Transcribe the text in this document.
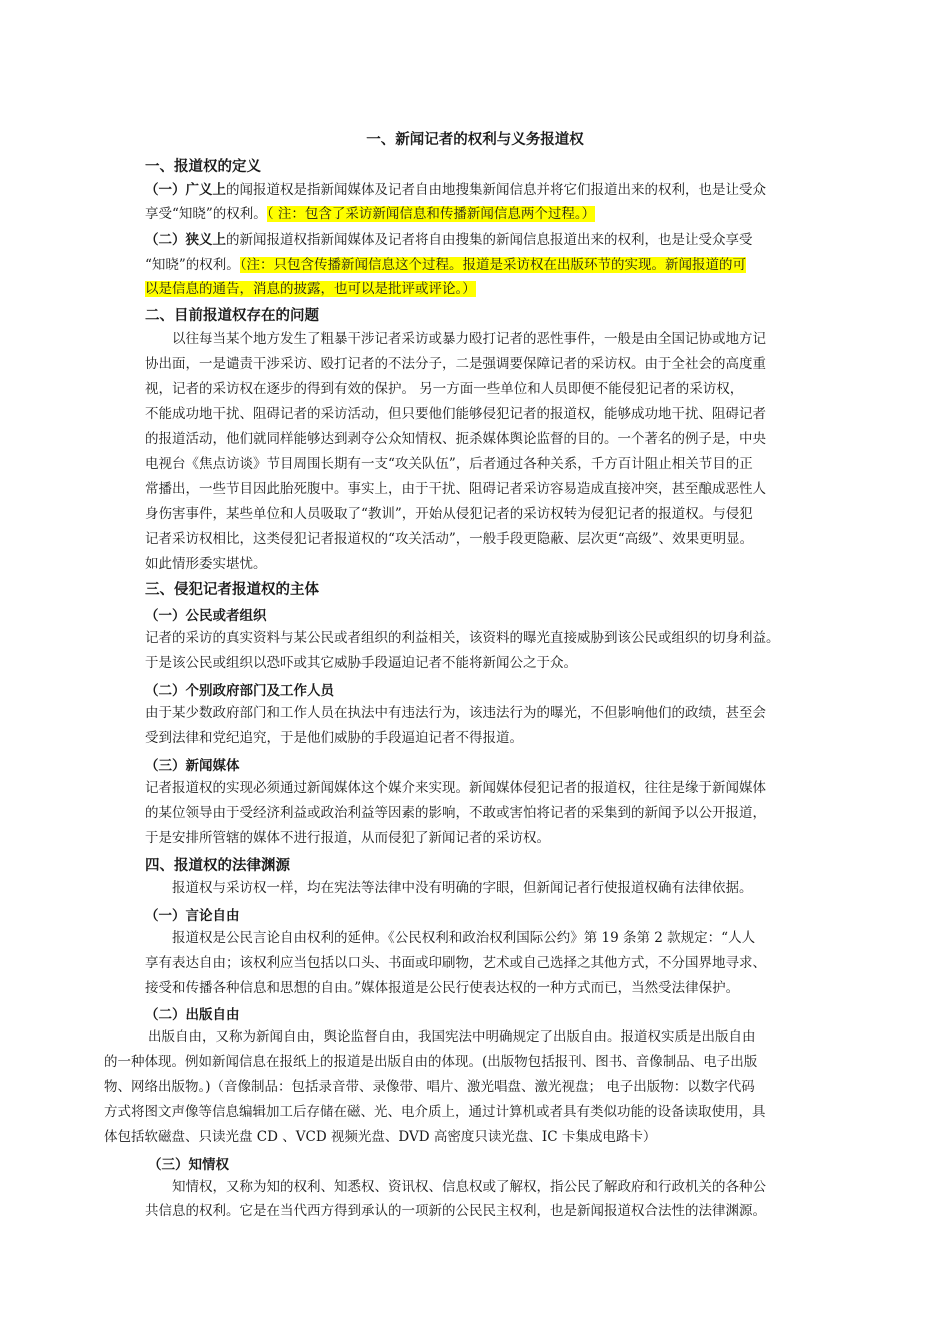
一、新闻记者的权利与义务报道权
一、报道权的定义
（一）广义上的闻报道权是指新闻媒体及记者自由地搜集新闻信息并将它们报道出来的权利，也是让受众
享受“知晓”的权利。（ 注：包含了采访新闻信息和传播新闻信息两个过程。）
（二）狭义上的新闻报道权指新闻媒体及记者将自由搜集的新闻信息报道出来的权利，也是让受众享受
“知晓”的权利。（注：只包含传播新闻信息这个过程。报道是采访权在出版环节的实现。新闻报道的可
以是信息的通告，消息的披露，也可以是批评或评论。）
二、目前报道权存在的问题
以往每当某个地方发生了粗暴干涉记者采访或暴力殴打记者的恶性事件，一般是由全国记协或地方记
协出面，一是谴责干涉采访、殴打记者的不法分子，二是强调要保障记者的采访权。由于全社会的高度重
视，记者的采访权在逐步的得到有效的保护。 另一方面一些单位和人员即便不能侵犯记者的采访权，
不能成功地干扰、阻碍记者的采访活动，但只要他们能够侵犯记者的报道权，能够成功地干扰、阻碍记者
的报道活动，他们就同样能够达到剥夺公众知情权、扼杀媒体舆论监督的目的。一个著名的例子是，中央
电视台《焦点访谈》节目周围长期有一支“攻关队伍”，后者通过各种关系，千方百计阻止相关节目的正
常播出，一些节目因此胎死腹中。事实上，由于干扰、阻碍记者采访容易造成直接冲突，甚至酿成恶性人
身伤害事件，某些单位和人员吸取了“教训”，开始从侵犯记者的采访权转为侵犯记者的报道权。与侵犯
记者采访权相比，这类侵犯记者报道权的“攻关活动”，一般手段更隐蔽、层次更“高级”、效果更明显。
如此情形委实堪忧。
三、侵犯记者报道权的主体
（一）公民或者组织
记者的采访的真实资料与某公民或者组织的利益相关，该资料的曝光直接威胁到该公民或组织的切身利益。
于是该公民或组织以恐吓或其它威胁手段逼迫记者不能将新闻公之于众。
（二）个别政府部门及工作人员
由于某少数政府部门和工作人员在执法中有违法行为，该违法行为的曝光，不但影响他们的政绩，甚至会
受到法律和党纪追究，于是他们威胁的手段逼迫记者不得报道。
（三）新闻媒体
记者报道权的实现必须通过新闻媒体这个媒介来实现。新闻媒体侵犯记者的报道权，往往是缘于新闻媒体
的某位领导由于受经济利益或政治利益等因素的影响，不敢或害怕将记者的采集到的新闻予以公开报道，
于是安排所管辖的媒体不进行报道，从而侵犯了新闻记者的采访权。
四、报道权的法律渊源
报道权与采访权一样，均在宪法等法律中没有明确的字眼，但新闻记者行使报道权确有法律依据。
（一）言论自由
报道权是公民言论自由权利的延伸。《公民权利和政治权利国际公约》第 19 条第 2 款规定：“人人
享有表达自由；该权利应当包括以口头、书面或印刷物，艺术或自己选择之其他方式，不分国界地寻求、
接受和传播各种信息和思想的自由。”媒体报道是公民行使表达权的一种方式而已，当然受法律保护。
（二）出版自由
出版自由，又称为新闻自由，舆论监督自由，我国宪法中明确规定了出版自由。报道权实质是出版自由
的一种体现。例如新闻信息在报纸上的报道是出版自由的体现。(出版物包括报刊、图书、音像制品、电子出版
物、网络出版物。)（音像制品：包括录音带、录像带、唱片、激光唱盘、激光视盘； 电子出版物：以数字代码
方式将图文声像等信息编辑加工后存储在磁、光、电介质上，通过计算机或者具有类似功能的设备读取使用，具
体包括软磁盘、只读光盘 CD 、VCD 视频光盘、DVD 高密度只读光盘、IC 卡集成电路卡）
（三）知情权
知情权，又称为知的权利、知悉权、资讯权、信息权或了解权，指公民了解政府和行政机关的各种公
共信息的权利。它是在当代西方得到承认的一项新的公民民主权利，也是新闻报道权合法性的法律渊源。
